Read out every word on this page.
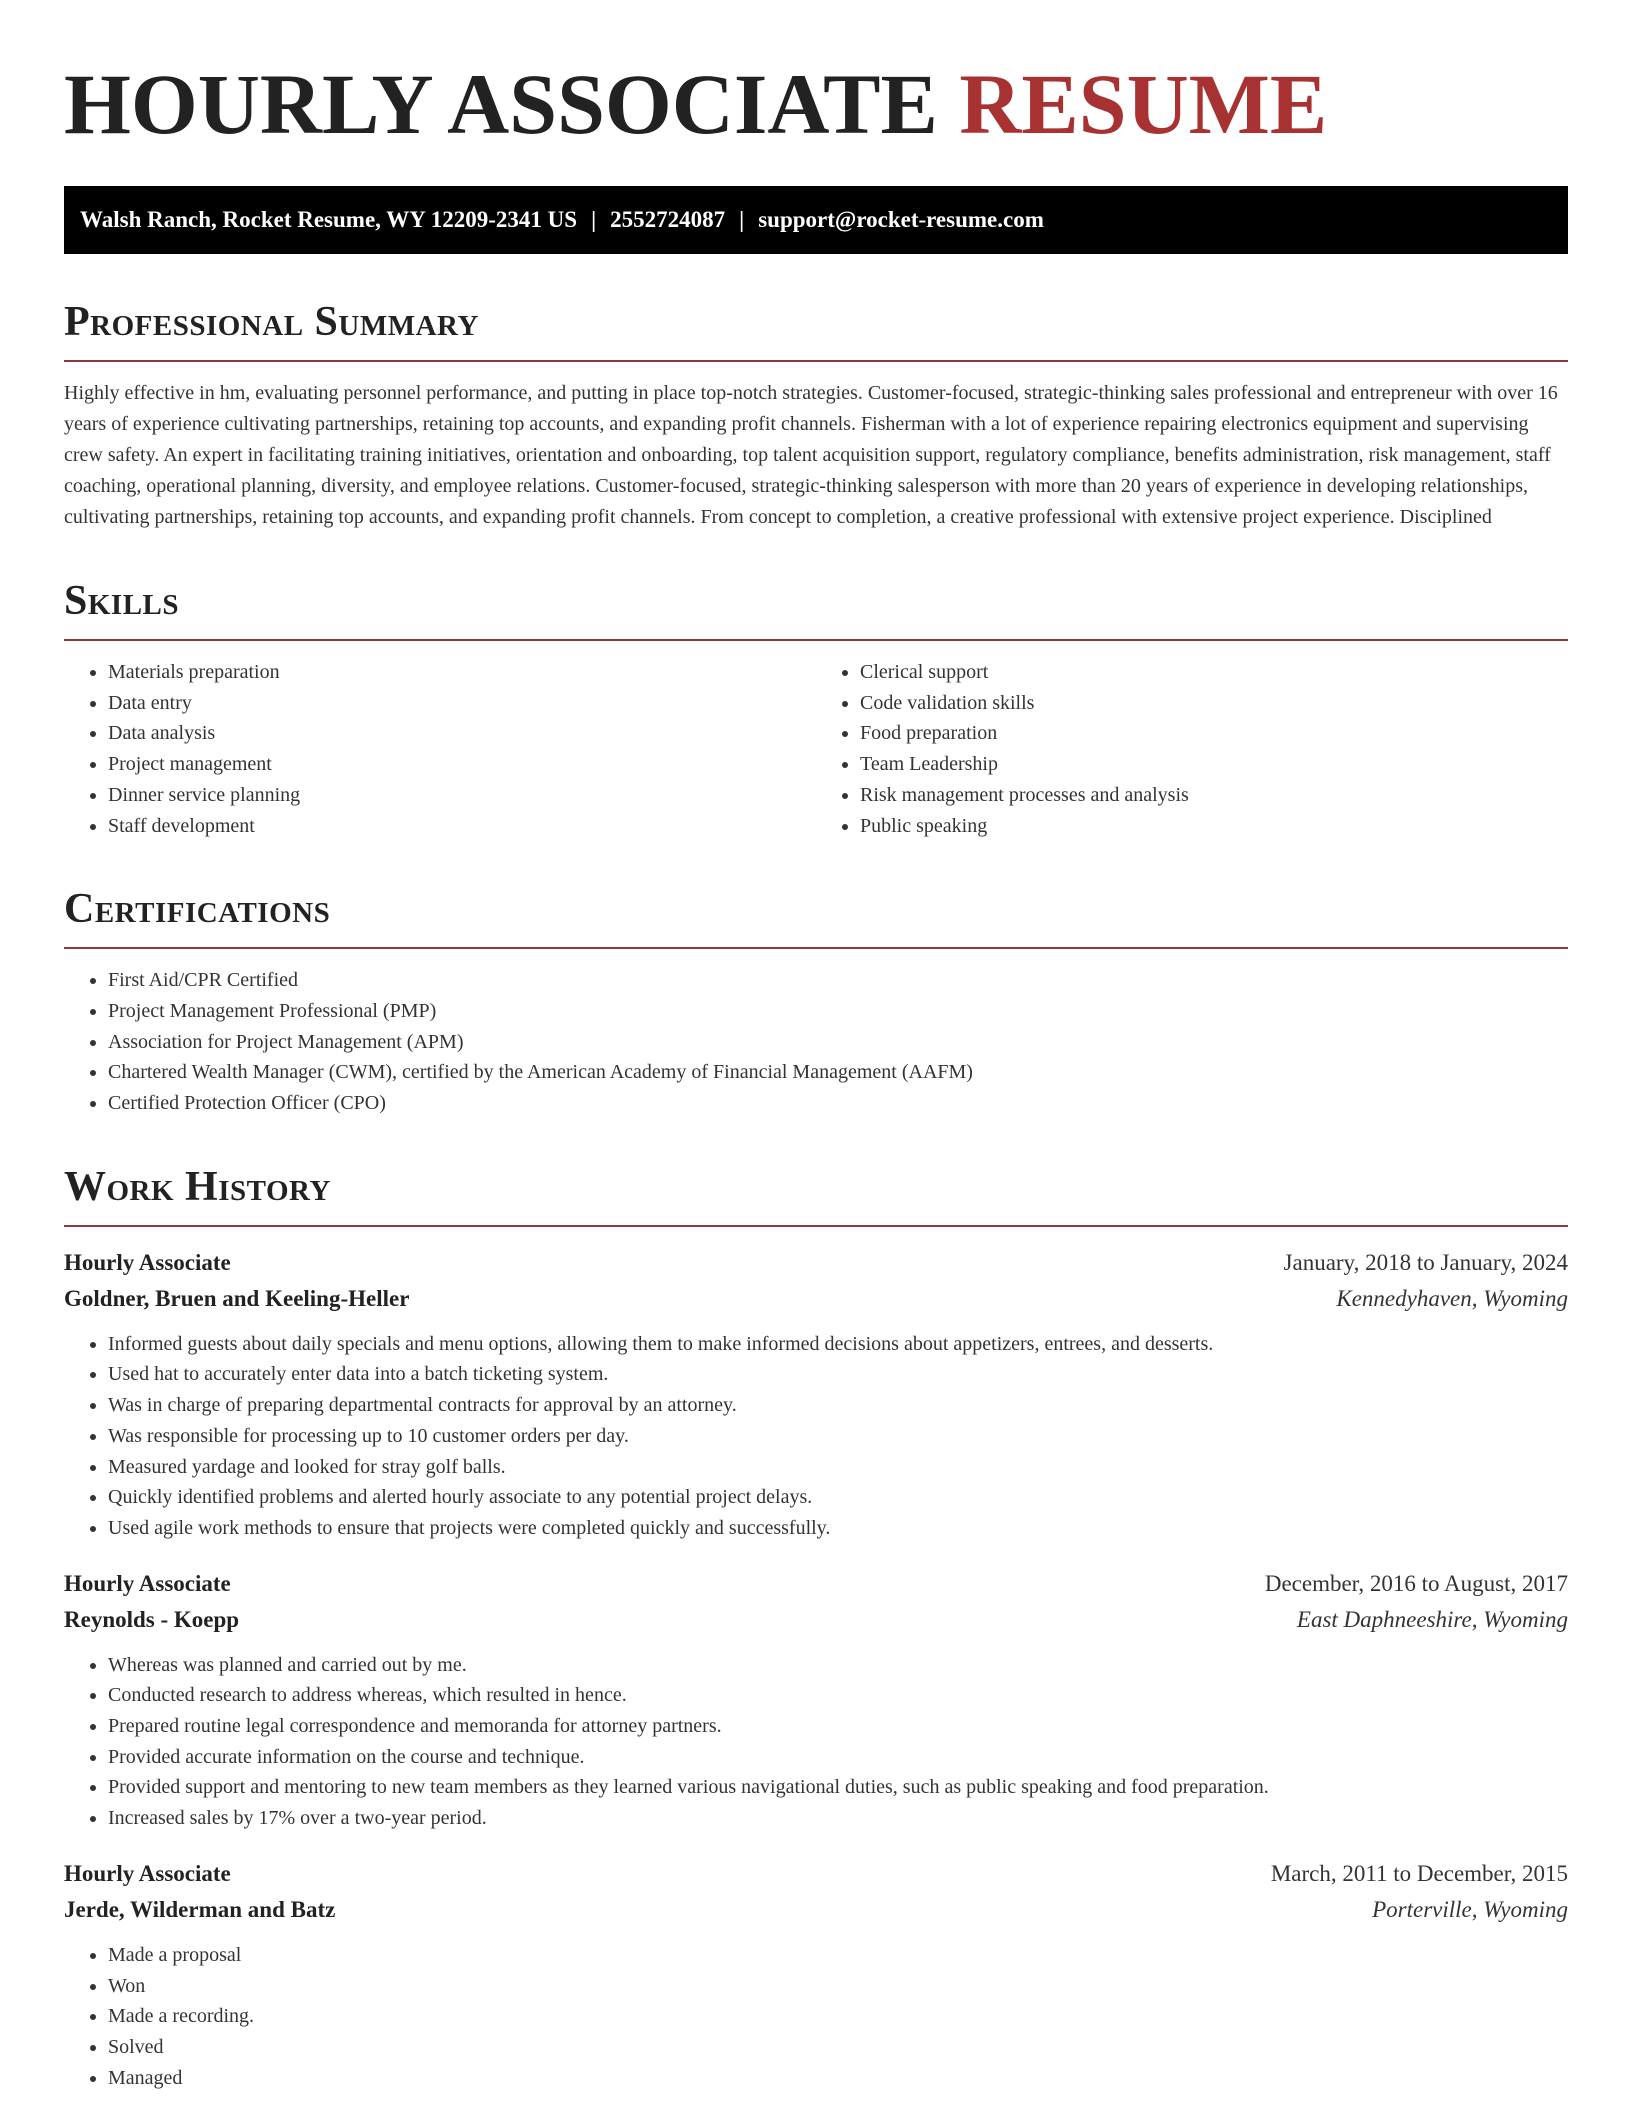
HOURLY ASSOCIATE RESUME
Walsh Ranch, Rocket Resume, WY 12209-2341 US | 2552724087 | support@rocket-resume.com
Professional Summary

Highly effective in hm, evaluating personnel performance, and putting in place top-notch strategies. Customer-focused, strategic-thinking sales professional and entrepreneur with over 16 years of experience cultivating partnerships, retaining top accounts, and expanding profit channels. Fisherman with a lot of experience repairing electronics equipment and supervising crew safety. An expert in facilitating training initiatives, orientation and onboarding, top talent acquisition support, regulatory compliance, benefits administration, risk management, staff coaching, operational planning, diversity, and employee relations. Customer-focused, strategic-thinking salesperson with more than 20 years of experience in developing relationships, cultivating partnerships, retaining top accounts, and expanding profit channels. From concept to completion, a creative professional with extensive project experience. Disciplined

Skills
• Materials preparation
• Data entry
• Data analysis
• Project management
• Dinner service planning
• Staff development
• Clerical support
• Code validation skills
• Food preparation
• Team Leadership
• Risk management processes and analysis
• Public speaking
Certifications
• First Aid/CPR Certified
• Project Management Professional (PMP)
• Association for Project Management (APM)
• Chartered Wealth Manager (CWM), certified by the American Academy of Financial Management (AAFM)
• Certified Protection Officer (CPO)
Work History
Hourly Associate	January, 2018 to January, 2024
Goldner, Bruen and Keeling-Heller	Kennedyhaven, Wyoming
• Informed guests about daily specials and menu options, allowing them to make informed decisions about appetizers, entrees, and desserts.
• Used hat to accurately enter data into a batch ticketing system.
• Was in charge of preparing departmental contracts for approval by an attorney.
• Was responsible for processing up to 10 customer orders per day.
• Measured yardage and looked for stray golf balls.
• Quickly identified problems and alerted hourly associate to any potential project delays.
• Used agile work methods to ensure that projects were completed quickly and successfully.
Hourly Associate	December, 2016 to August, 2017
Reynolds - Koepp	East Daphneeshire, Wyoming
• Whereas was planned and carried out by me.
• Conducted research to address whereas, which resulted in hence.
• Prepared routine legal correspondence and memoranda for attorney partners.
• Provided accurate information on the course and technique.
• Provided support and mentoring to new team members as they learned various navigational duties, such as public speaking and food preparation.
• Increased sales by 17% over a two-year period.
Hourly Associate	March, 2011 to December, 2015
Jerde, Wilderman and Batz	Porterville, Wyoming
• Made a proposal
• Won
• Made a recording.
• Solved
• Managed
